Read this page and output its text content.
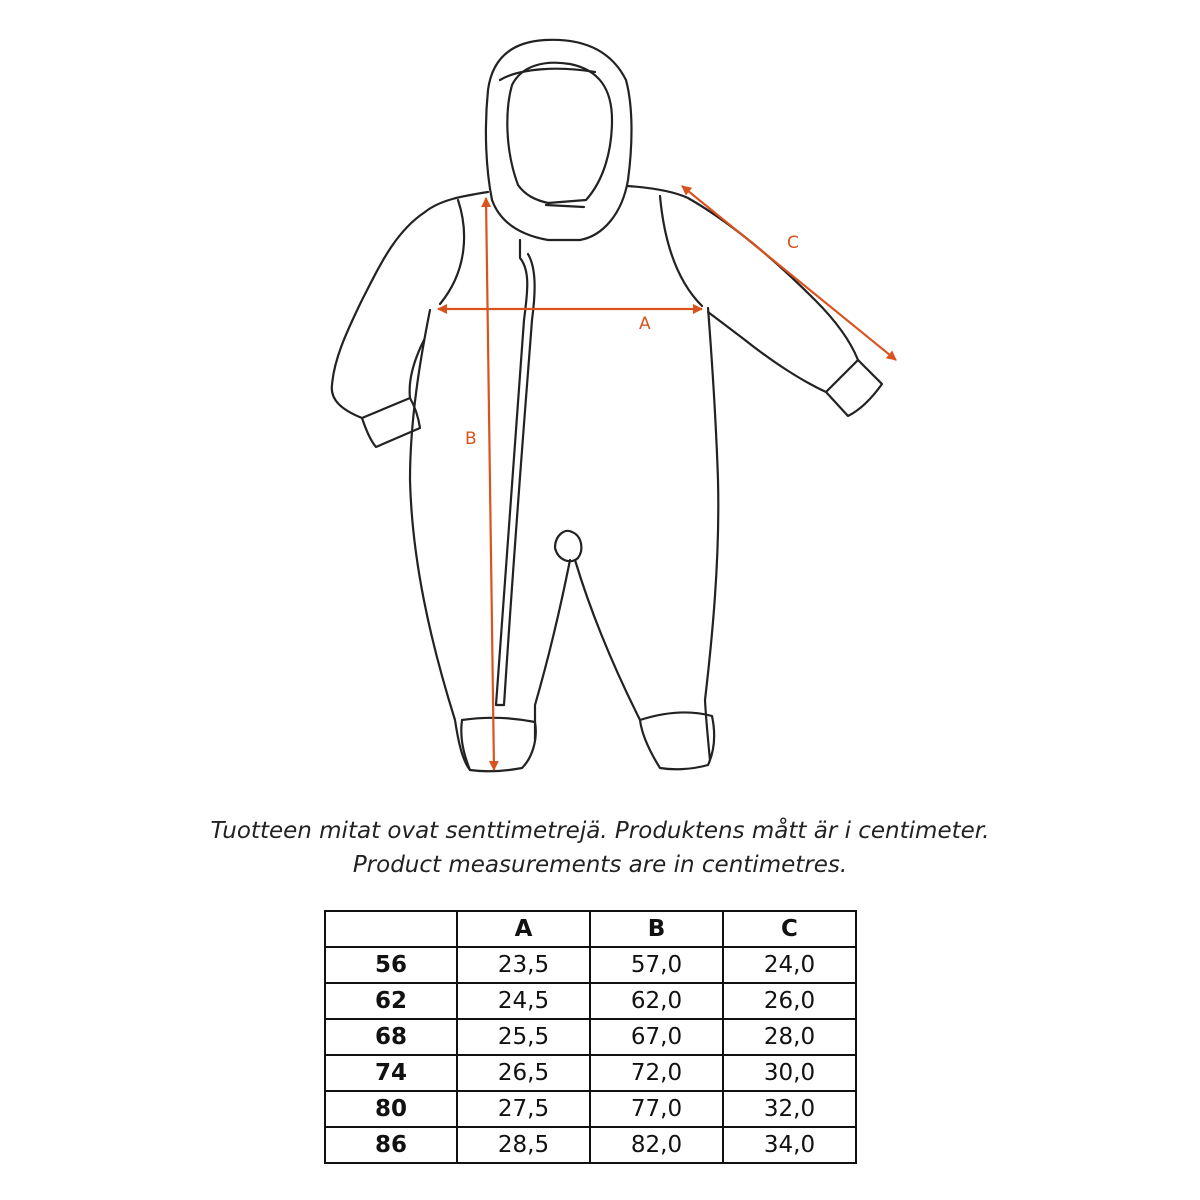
A
B
C
Tuotteen mitat ovat senttimetrejä. Produktens mått är i centimeter.
Product measurements are in centimetres.
	A	B	C
56	23,5	57,0	24,0
62	24,5	62,0	26,0
68	25,5	67,0	28,0
74	26,5	72,0	30,0
80	27,5	77,0	32,0
86	28,5	82,0	34,0
